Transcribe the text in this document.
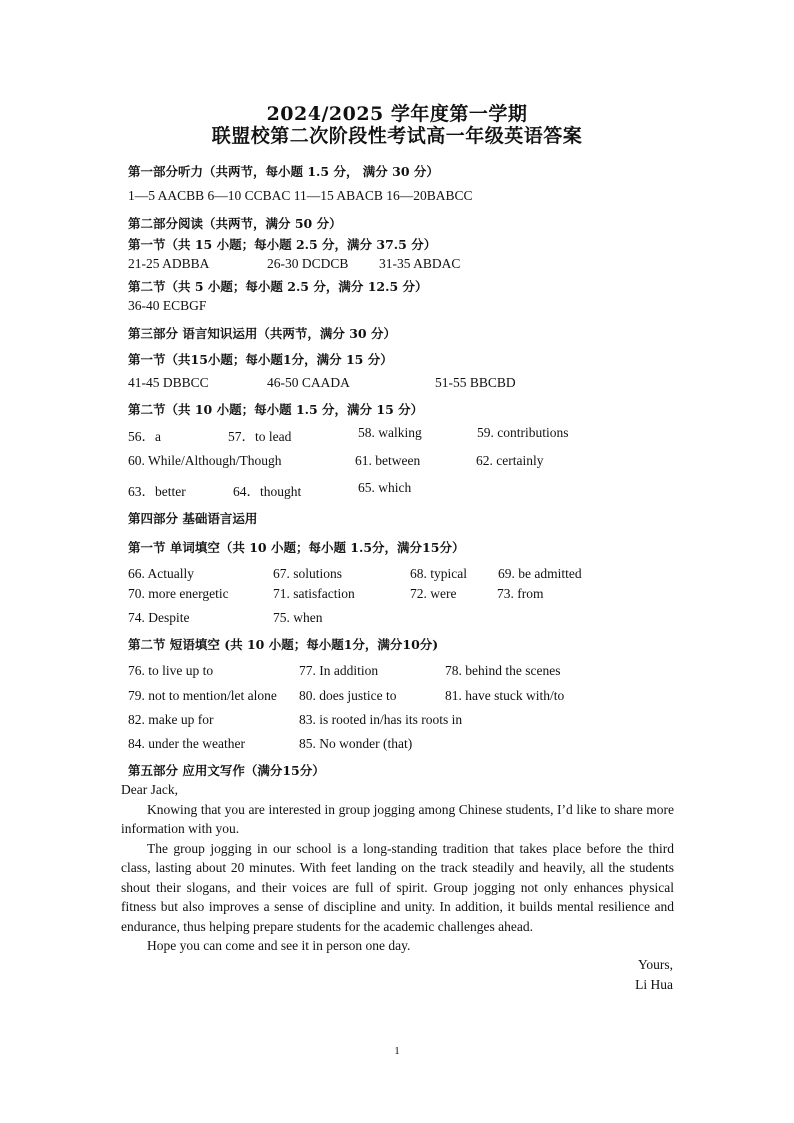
2024/2025 学年度第一学期
联盟校第二次阶段性考试高一年级英语答案
第一部分听力（共两节，每小题 1.5 分， 满分 30 分）
1—5 AACBB 6—10 CCBAC 11—15 ABACB 16—20BABCC
第二部分阅读（共两节，满分 50 分）
第一节（共 15 小题；每小题 2.5 分，满分 37.5 分）
21-25 ADBBA	26-30 DCDCB 31-35 ABDAC
第二节（共 5 小题；每小题 2.5 分，满分 12.5 分）
36-40 ECBGF
第三部分 语言知识运用（共两节，满分 30 分）
第一节（共15小题；每小题1分，满分 15 分）
41-45 DBBCC	46-50 CAADA	51-55 BBCBD
第二节（共 10 小题；每小题 1.5 分，满分 15 分）
56．a	57．to lead	58. walking	59. contributions
60. While/Although/Though	61. between	62. certainly
63．better	64．thought	65. which
第四部分 基础语言运用
第一节 单词填空（共 10 小题；每小题 1.5分，满分15分）
66. Actually	67. solutions	68. typical 69. be admitted
70. more energetic	71. satisfaction	72. were	73. from
74. Despite	75. when
第二节 短语填空 (共 10 小题；每小题1分，满分10分)
76. to live up to	77. In addition	78. behind the scenes
79. not to mention/let alone 80. does justice to	81. have stuck with/to
82. make up for	83. is rooted in/has its roots in
84. under the weather	85. No wonder (that)
第五部分 应用文写作（满分15分）
Dear Jack,
Knowing that you are interested in group jogging among Chinese students, I’d like to share more information with you.
The group jogging in our school is a long-standing tradition that takes place before the third class, lasting about 20 minutes. With feet landing on the track steadily and heavily, all the students shout their slogans, and their voices are full of spirit. Group jogging not only enhances physical fitness but also improves a sense of discipline and unity. In addition, it builds mental resilience and endurance, thus helping prepare students for the academic challenges ahead.
Hope you can come and see it in person one day.
Yours,
Li Hua
1
